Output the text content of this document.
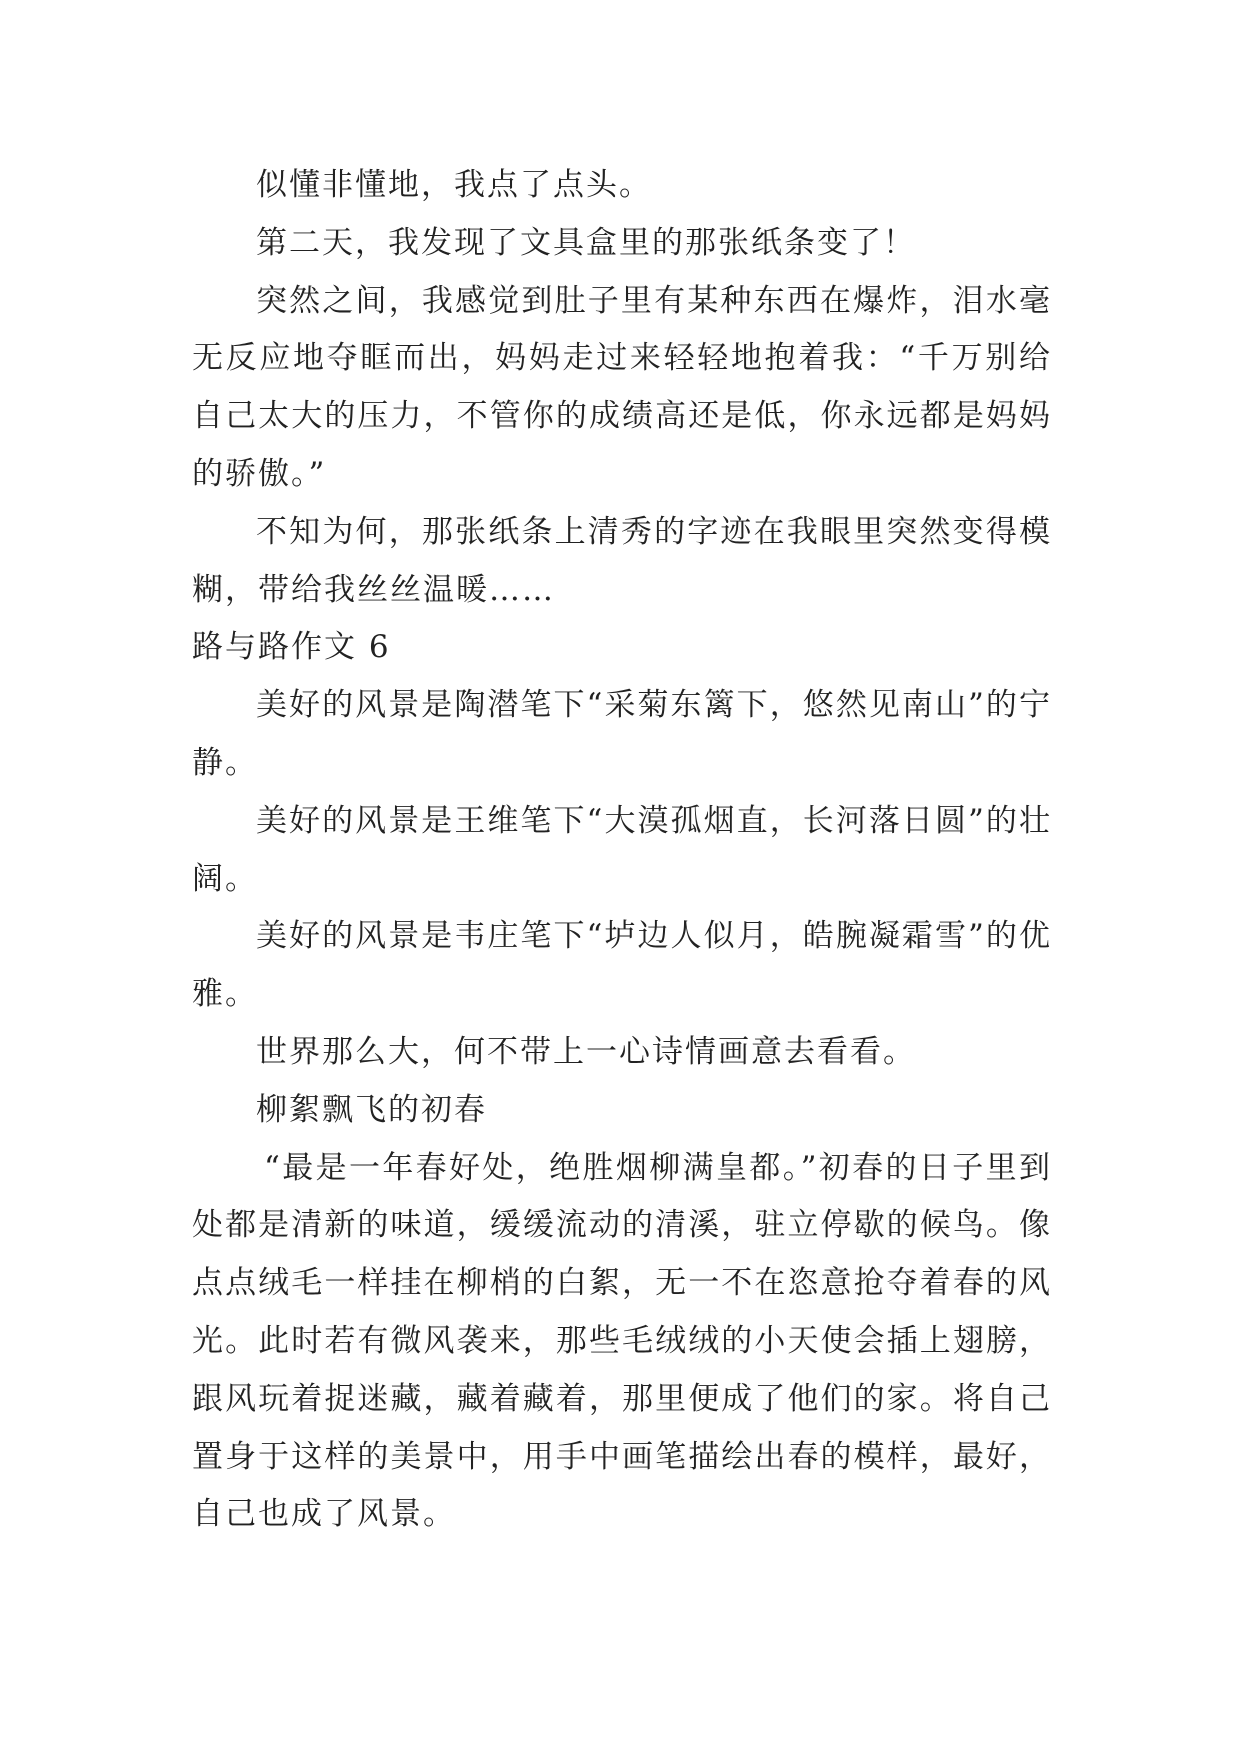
似懂非懂地，我点了点头。

第二天，我发现了文具盒里的那张纸条变了！

突然之间，我感觉到肚子里有某种东西在爆炸，泪水毫无反应地夺眶而出，妈妈走过来轻轻地抱着我：“千万别给自己太大的压力，不管你的成绩高还是低，你永远都是妈妈的骄傲。”

不知为何，那张纸条上清秀的字迹在我眼里突然变得模糊，带给我丝丝温暖……

路与路作文 6

美好的风景是陶潜笔下“采菊东篱下，悠然见南山”的宁静。

美好的风景是王维笔下“大漠孤烟直，长河落日圆”的壮阔。

美好的风景是韦庄笔下“垆边人似月，皓腕凝霜雪”的优雅。

世界那么大，何不带上一心诗情画意去看看。

柳絮飘飞的初春

“最是一年春好处，绝胜烟柳满皇都。”初春的日子里到处都是清新的味道，缓缓流动的清溪，驻立停歇的候鸟。像点点绒毛一样挂在柳梢的白絮，无一不在恣意抢夺着春的风光。此时若有微风袭来，那些毛绒绒的小天使会插上翅膀，跟风玩着捉迷藏，藏着藏着，那里便成了他们的家。将自己置身于这样的美景中，用手中画笔描绘出春的模样，最好，自己也成了风景。
